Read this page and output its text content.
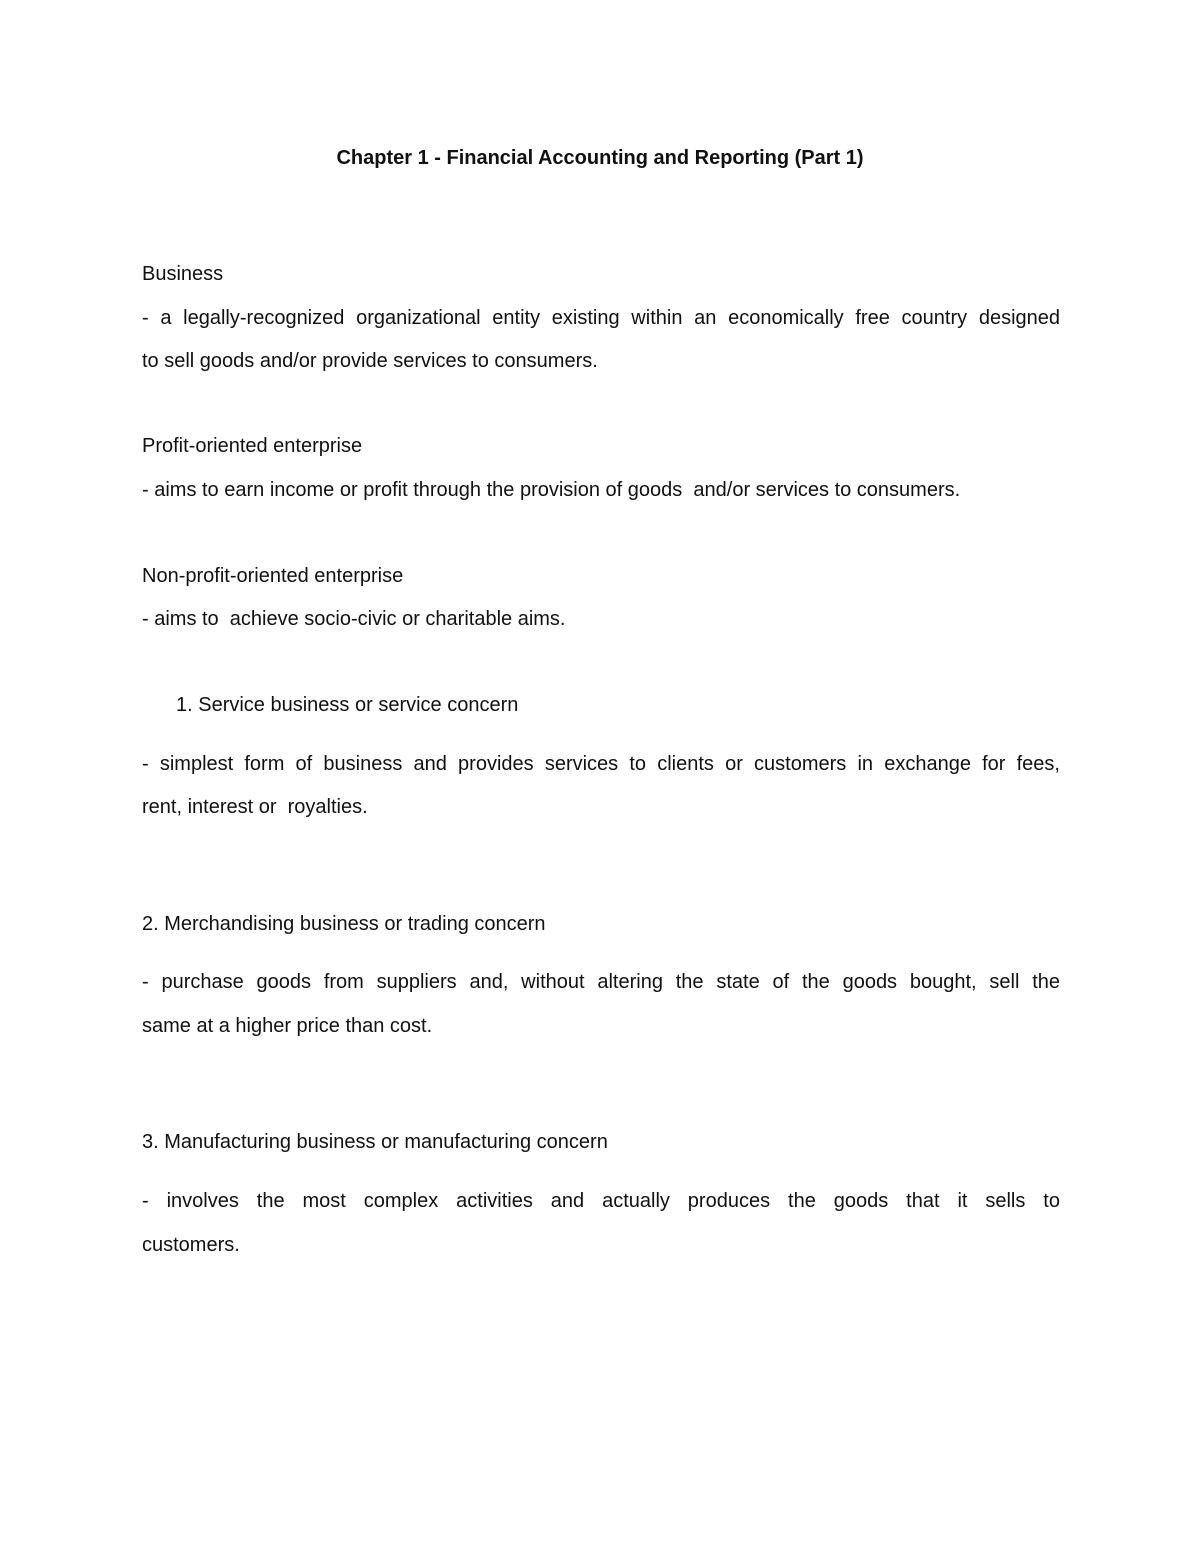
Chapter 1 - Financial Accounting and Reporting (Part 1)
Business
- a legally-recognized organizational entity existing within an economically free country designed
to sell goods and/or provide services to consumers.
Profit-oriented enterprise
- aims to earn income or profit through the provision of goods  and/or services to consumers.
Non-profit-oriented enterprise
- aims to  achieve socio-civic or charitable aims.
1. Service business or service concern
- simplest form of business and provides services to clients or customers in exchange for fees,
rent, interest or  royalties.
2. Merchandising business or trading concern
- purchase goods from suppliers and, without altering the state of the goods bought, sell the
same at a higher price than cost.
3. Manufacturing business or manufacturing concern
- involves the most complex activities and actually produces the goods that it sells to
customers.
